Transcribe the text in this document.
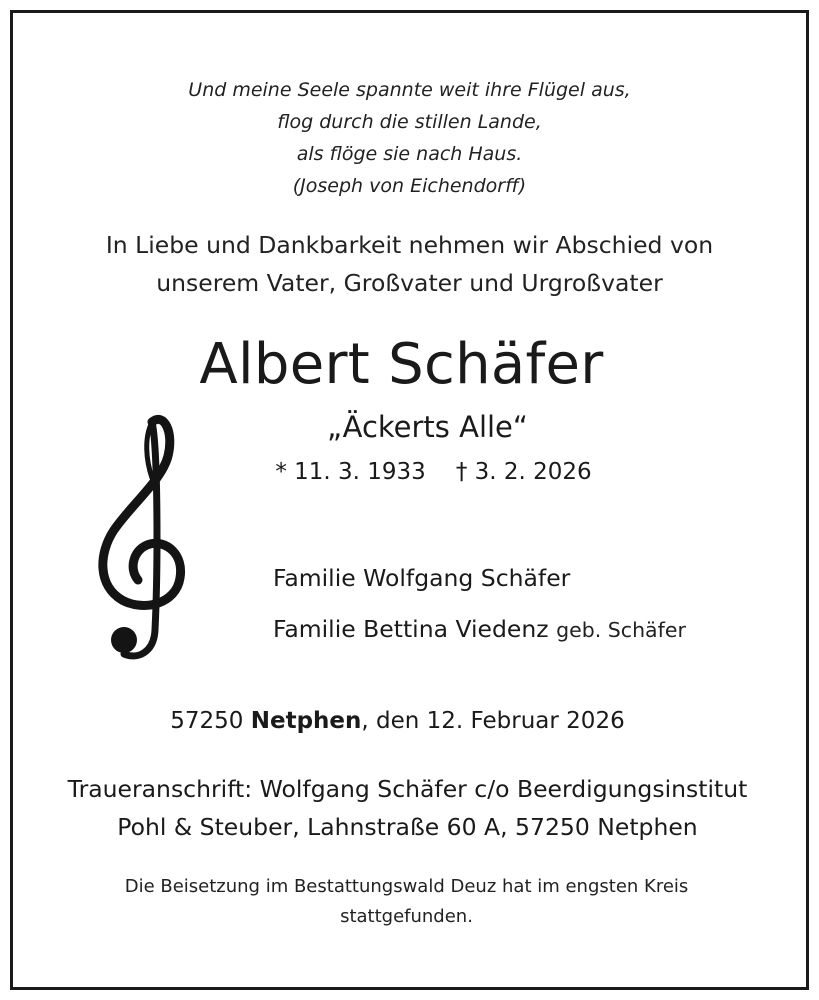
Und meine Seele spannte weit ihre Flügel aus,
flog durch die stillen Lande,
als flöge sie nach Haus.
(Joseph von Eichendorff)
In Liebe und Dankbarkeit nehmen wir Abschied von
unserem Vater, Großvater und Urgroßvater
Albert Schäfer
„Äckerts Alle“
* 11. 3. 1933 † 3. 2. 2026
Familie Wolfgang Schäfer
Familie Bettina Viedenz geb. Schäfer
57250 Netphen, den 12. Februar 2026
Traueranschrift: Wolfgang Schäfer c/o Beerdigungsinstitut
Pohl & Steuber, Lahnstraße 60 A, 57250 Netphen
Die Beisetzung im Bestattungswald Deuz hat im engsten Kreis
stattgefunden.
